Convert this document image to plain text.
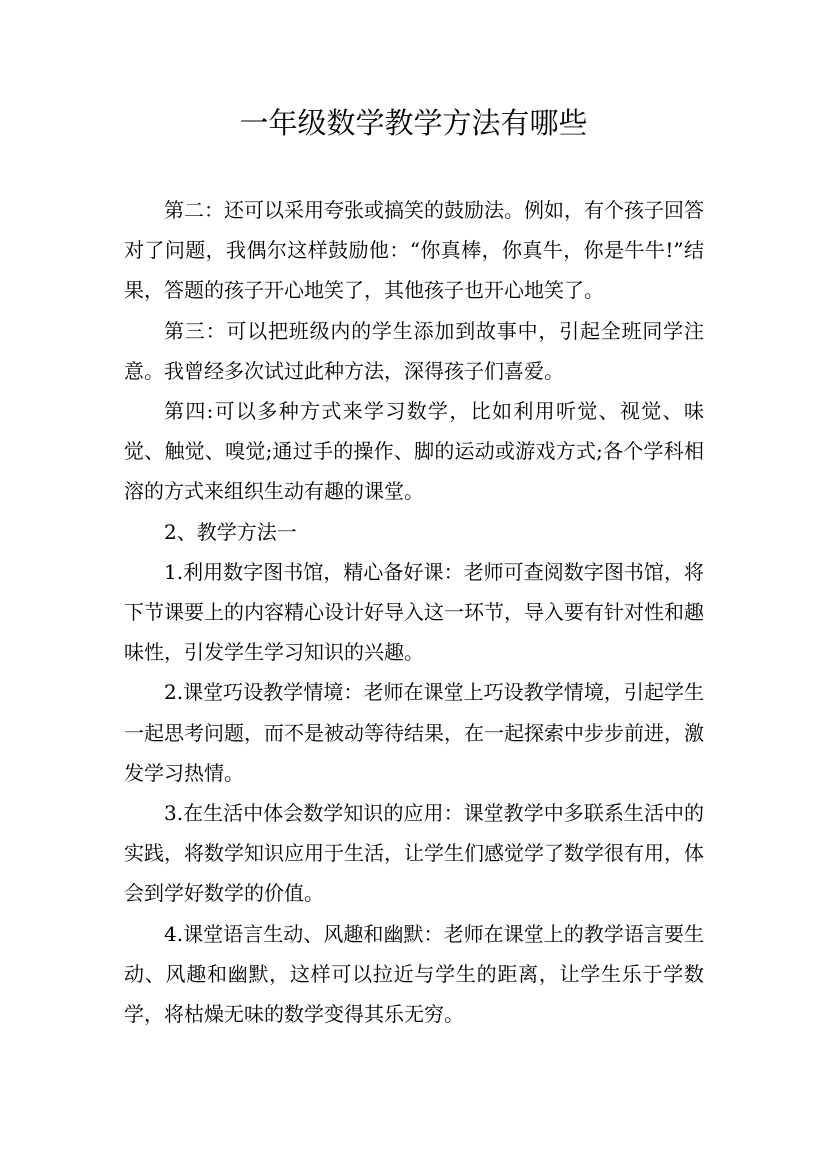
一年级数学教学方法有哪些

第二：还可以采用夸张或搞笑的鼓励法。例如，有个孩子回答对了问题，我偶尔这样鼓励他：“你真棒，你真牛，你是牛牛!”结果，答题的孩子开心地笑了，其他孩子也开心地笑了。

第三：可以把班级内的学生添加到故事中，引起全班同学注意。我曾经多次试过此种方法，深得孩子们喜爱。

第四:可以多种方式来学习数学，比如利用听觉、视觉、味觉、触觉、嗅觉;通过手的操作、脚的运动或游戏方式;各个学科相溶的方式来组织生动有趣的课堂。

2、教学方法一

1.利用数字图书馆，精心备好课：老师可查阅数字图书馆，将下节课要上的内容精心设计好导入这一环节，导入要有针对性和趣味性，引发学生学习知识的兴趣。

2.课堂巧设教学情境：老师在课堂上巧设教学情境，引起学生一起思考问题，而不是被动等待结果，在一起探索中步步前进，激发学习热情。

3.在生活中体会数学知识的应用：课堂教学中多联系生活中的实践，将数学知识应用于生活，让学生们感觉学了数学很有用，体会到学好数学的价值。

4.课堂语言生动、风趣和幽默：老师在课堂上的教学语言要生动、风趣和幽默，这样可以拉近与学生的距离，让学生乐于学数学，将枯燥无味的数学变得其乐无穷。
